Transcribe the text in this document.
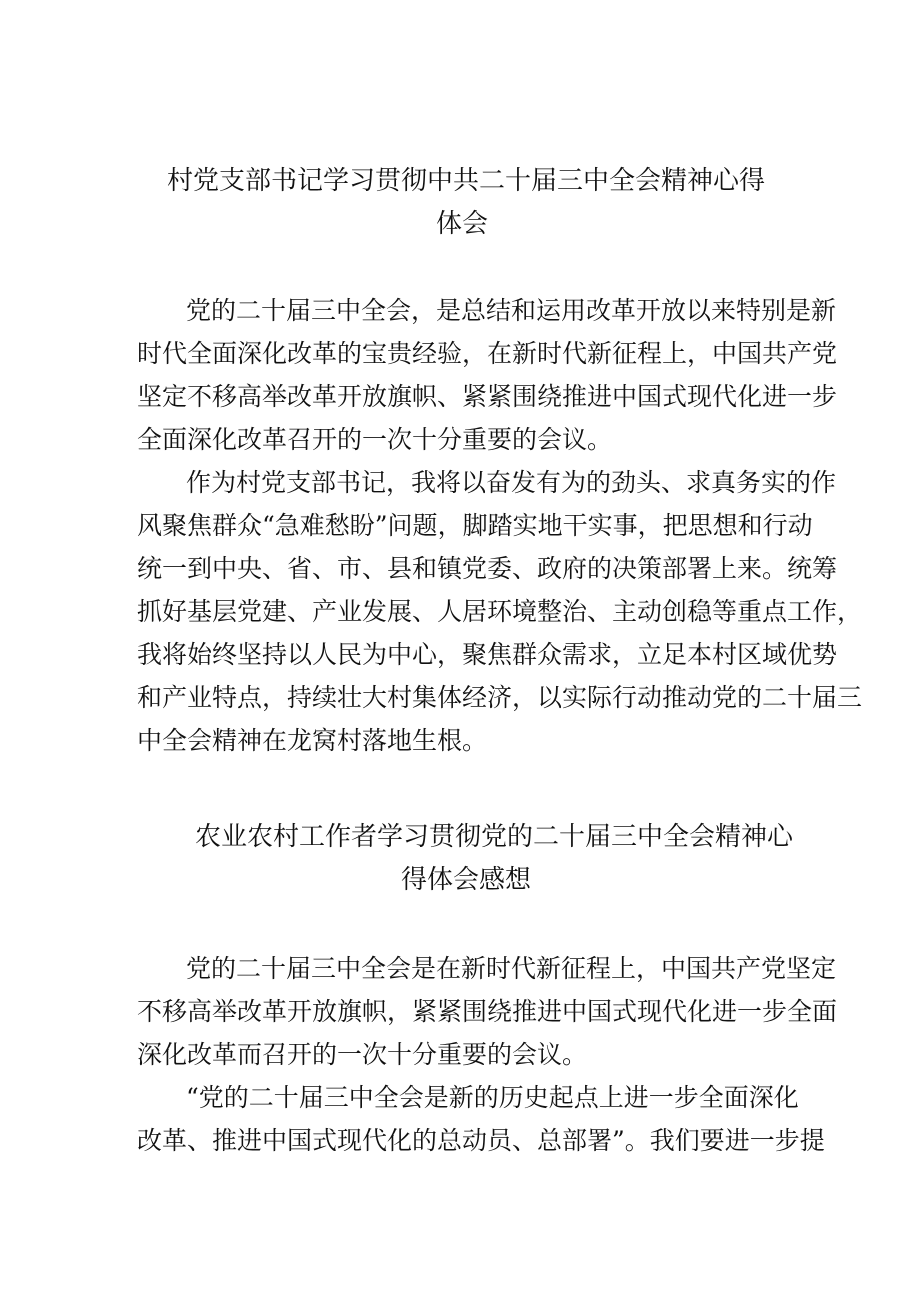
村党支部书记学习贯彻中共二十届三中全会精神心得
体会
党的二十届三中全会，是总结和运用改革开放以来特别是新
时代全面深化改革的宝贵经验，在新时代新征程上，中国共产党
坚定不移高举改革开放旗帜、紧紧围绕推进中国式现代化进一步
全面深化改革召开的一次十分重要的会议。
作为村党支部书记，我将以奋发有为的劲头、求真务实的作
风聚焦群众“急难愁盼”问题，脚踏实地干实事，把思想和行动
统一到中央、省、市、县和镇党委、政府的决策部署上来。统筹
抓好基层党建、产业发展、人居环境整治、主动创稳等重点工作，
我将始终坚持以人民为中心，聚焦群众需求，立足本村区域优势
和产业特点，持续壮大村集体经济，以实际行动推动党的二十届三
中全会精神在龙窝村落地生根。
农业农村工作者学习贯彻党的二十届三中全会精神心
得体会感想
党的二十届三中全会是在新时代新征程上，中国共产党坚定
不移高举改革开放旗帜，紧紧围绕推进中国式现代化进一步全面
深化改革而召开的一次十分重要的会议。
“党的二十届三中全会是新的历史起点上进一步全面深化
改革、推进中国式现代化的总动员、总部署”。我们要进一步提
